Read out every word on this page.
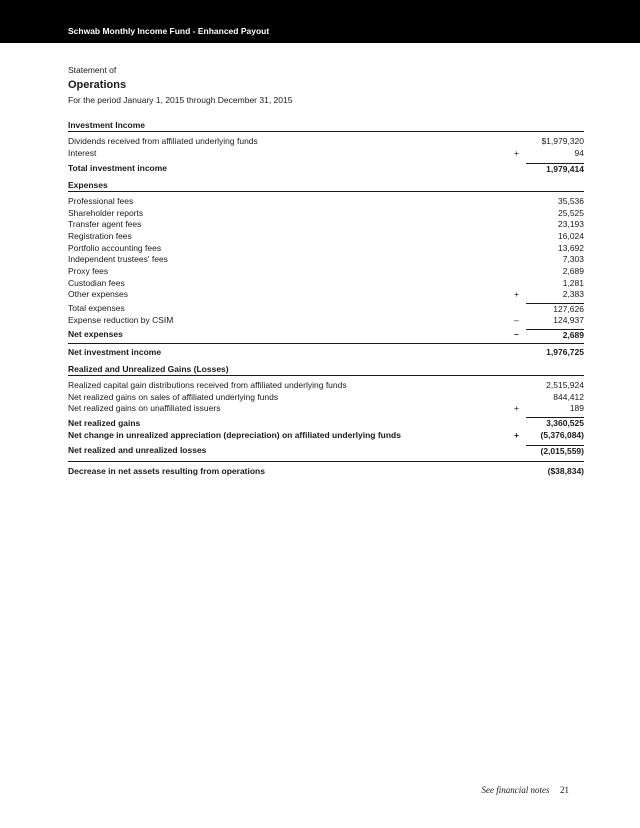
Schwab Monthly Income Fund - Enhanced Payout
Statement of
Operations
For the period January 1, 2015 through December 31, 2015
Investment Income
Dividends received from affiliated underlying funds	$1,979,320
Interest	+	94
Total investment income	1,979,414
Expenses
Professional fees	35,536
Shareholder reports	25,525
Transfer agent fees	23,193
Registration fees	16,024
Portfolio accounting fees	13,692
Independent trustees' fees	7,303
Proxy fees	2,689
Custodian fees	1,281
Other expenses	+	2,383
Total expenses	127,626
Expense reduction by CSIM	–	124,937
Net expenses	–	2,689
Net investment income	1,976,725
Realized and Unrealized Gains (Losses)
Realized capital gain distributions received from affiliated underlying funds	2,515,924
Net realized gains on sales of affiliated underlying funds	844,412
Net realized gains on unaffiliated issuers	+	189
Net realized gains	3,360,525
Net change in unrealized appreciation (depreciation) on affiliated underlying funds	+	(5,376,084)
Net realized and unrealized losses	(2,015,559)
Decrease in net assets resulting from operations	($38,834)
See financial notes 21
